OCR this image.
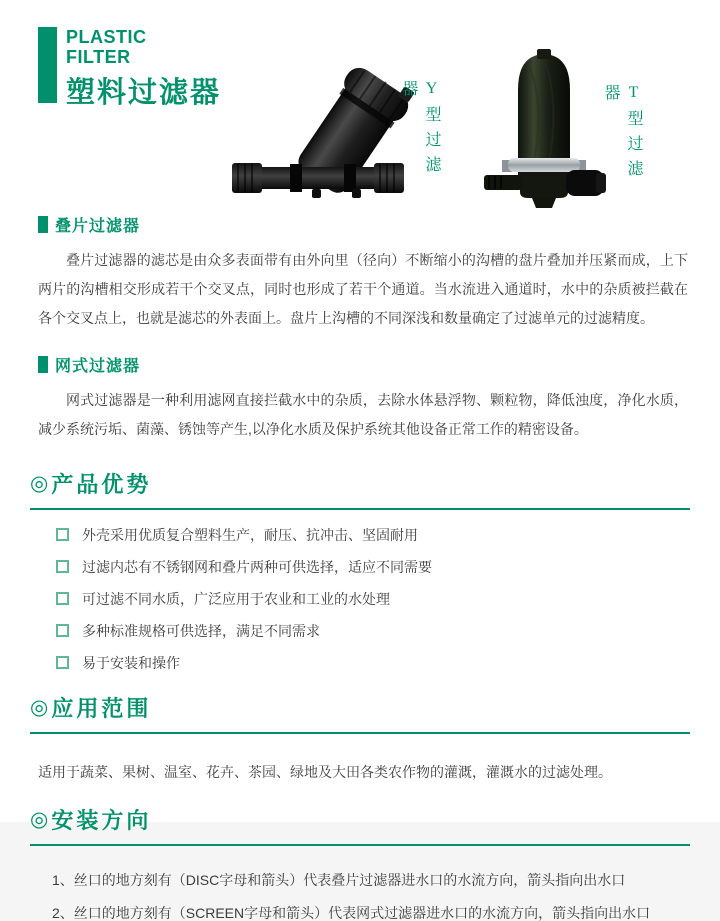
PLASTIC
FILTER
塑料过滤器	Y型过滤器	T型过滤器
叠片过滤器

叠片过滤器的滤芯是由众多表面带有由外向里（径向）不断缩小的沟槽的盘片叠加并压紧而成，上下两片的沟槽相交形成若干个交叉点，同时也形成了若干个通道。当水流进入通道时，水中的杂质被拦截在各个交叉点上，也就是滤芯的外表面上。盘片上沟槽的不同深浅和数量确定了过滤单元的过滤精度。

网式过滤器

网式过滤器是一种利用滤网直接拦截水中的杂质，去除水体悬浮物、颗粒物，降低浊度，净化水质，减少系统污垢、菌藻、锈蚀等产生,以净化水质及保护系统其他设备正常工作的精密设备。

◎ 产品优势
外壳采用优质复合塑料生产，耐压、抗冲击、坚固耐用
过滤内芯有不锈钢网和叠片两种可供选择，适应不同需要
可过滤不同水质，广泛应用于农业和工业的水处理
多种标准规格可供选择，满足不同需求
易于安装和操作
◎ 应用范围

适用于蔬菜、果树、温室、花卉、茶园、绿地及大田各类农作物的灌溉，灌溉水的过滤处理。

◎ 安装方向
1、丝口的地方刻有（DISC字母和箭头）代表叠片过滤器进水口的水流方向，箭头指向出水口
2、丝口的地方刻有（SCREEN字母和箭头）代表网式过滤器进水口的水流方向，箭头指向出水口
